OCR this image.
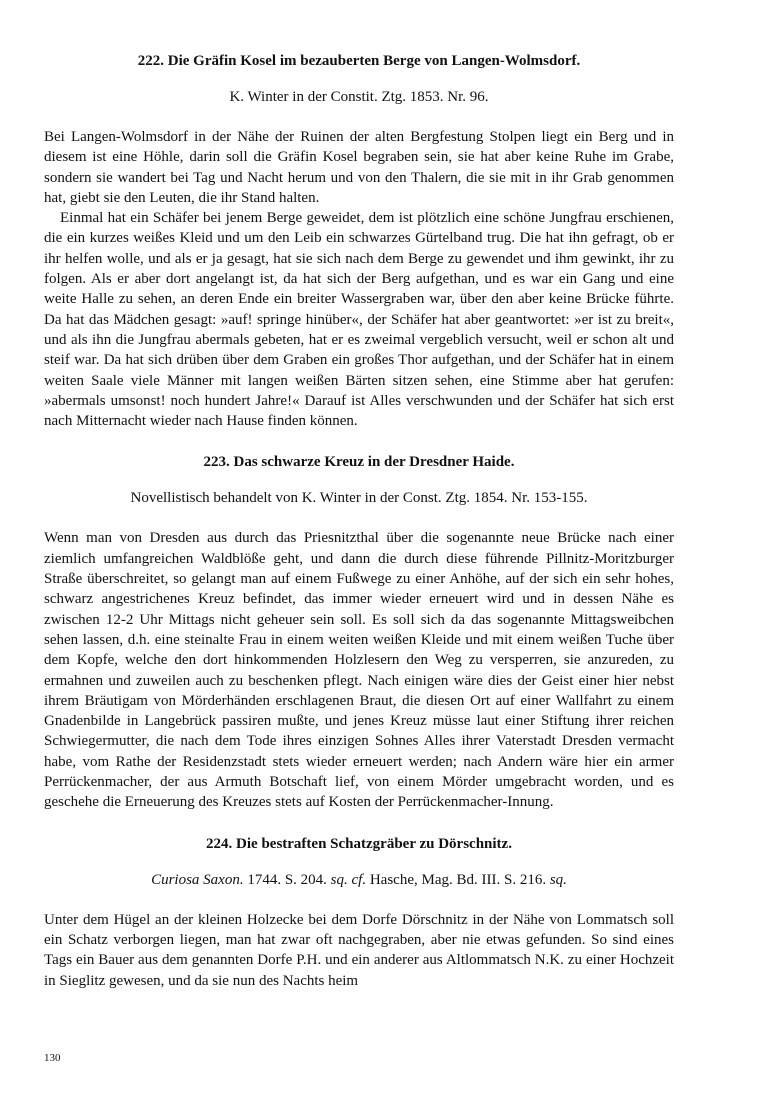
222. Die Gräfin Kosel im bezauberten Berge von Langen-Wolmsdorf.

K. Winter in der Constit. Ztg. 1853. Nr. 96.

Bei Langen-Wolmsdorf in der Nähe der Ruinen der alten Bergfestung Stolpen liegt ein Berg und in diesem ist eine Höhle, darin soll die Gräfin Kosel begraben sein, sie hat aber keine Ruhe im Grabe, sondern sie wandert bei Tag und Nacht herum und von den Thalern, die sie mit in ihr Grab genommen hat, giebt sie den Leuten, die ihr Stand halten.

Einmal hat ein Schäfer bei jenem Berge geweidet, dem ist plötzlich eine schöne Jungfrau erschienen, die ein kurzes weißes Kleid und um den Leib ein schwarzes Gürtelband trug. Die hat ihn gefragt, ob er ihr helfen wolle, und als er ja gesagt, hat sie sich nach dem Berge zu gewendet und ihm gewinkt, ihr zu folgen. Als er aber dort angelangt ist, da hat sich der Berg aufgethan, und es war ein Gang und eine weite Halle zu sehen, an deren Ende ein breiter Wassergraben war, über den aber keine Brücke führte. Da hat das Mädchen gesagt: »auf! springe hinüber«, der Schäfer hat aber geantwortet: »er ist zu breit«, und als ihn die Jungfrau abermals gebeten, hat er es zweimal vergeblich versucht, weil er schon alt und steif war. Da hat sich drüben über dem Graben ein großes Thor aufgethan, und der Schäfer hat in einem weiten Saale viele Männer mit langen weißen Bärten sitzen sehen, eine Stimme aber hat gerufen: »abermals umsonst! noch hundert Jahre!« Darauf ist Alles verschwunden und der Schäfer hat sich erst nach Mitternacht wieder nach Hause finden können.

223. Das schwarze Kreuz in der Dresdner Haide.

Novellistisch behandelt von K. Winter in der Const. Ztg. 1854. Nr. 153-155.

Wenn man von Dresden aus durch das Priesnitzthal über die sogenannte neue Brücke nach einer ziemlich umfangreichen Waldblöße geht, und dann die durch diese führende Pillnitz-Moritzburger Straße überschreitet, so gelangt man auf einem Fußwege zu einer Anhöhe, auf der sich ein sehr hohes, schwarz angestrichenes Kreuz befindet, das immer wieder erneuert wird und in dessen Nähe es zwischen 12-2 Uhr Mittags nicht geheuer sein soll. Es soll sich da das sogenannte Mittagsweibchen sehen lassen, d.h. eine steinalte Frau in einem weiten weißen Kleide und mit einem weißen Tuche über dem Kopfe, welche den dort hinkommenden Holzlesern den Weg zu versperren, sie anzureden, zu ermahnen und zuweilen auch zu beschenken pflegt. Nach einigen wäre dies der Geist einer hier nebst ihrem Bräutigam von Mörderhänden erschlagenen Braut, die diesen Ort auf einer Wallfahrt zu einem Gnadenbilde in Langebrück passiren mußte, und jenes Kreuz müsse laut einer Stiftung ihrer reichen Schwiegermutter, die nach dem Tode ihres einzigen Sohnes Alles ihrer Vaterstadt Dresden vermacht habe, vom Rathe der Residenzstadt stets wieder erneuert werden; nach Andern wäre hier ein armer Perrückenmacher, der aus Armuth Botschaft lief, von einem Mörder umgebracht worden, und es geschehe die Erneuerung des Kreuzes stets auf Kosten der Perrückenmacher-Innung.

224. Die bestraften Schatzgräber zu Dörschnitz.

Curiosa Saxon. 1744. S. 204. sq. cf. Hasche, Mag. Bd. III. S. 216. sq.

Unter dem Hügel an der kleinen Holzecke bei dem Dorfe Dörschnitz in der Nähe von Lommatsch soll ein Schatz verborgen liegen, man hat zwar oft nachgegraben, aber nie etwas gefunden. So sind eines Tags ein Bauer aus dem genannten Dorfe P.H. und ein anderer aus Altlommatsch N.K. zu einer Hochzeit in Sieglitz gewesen, und da sie nun des Nachts heim

130
